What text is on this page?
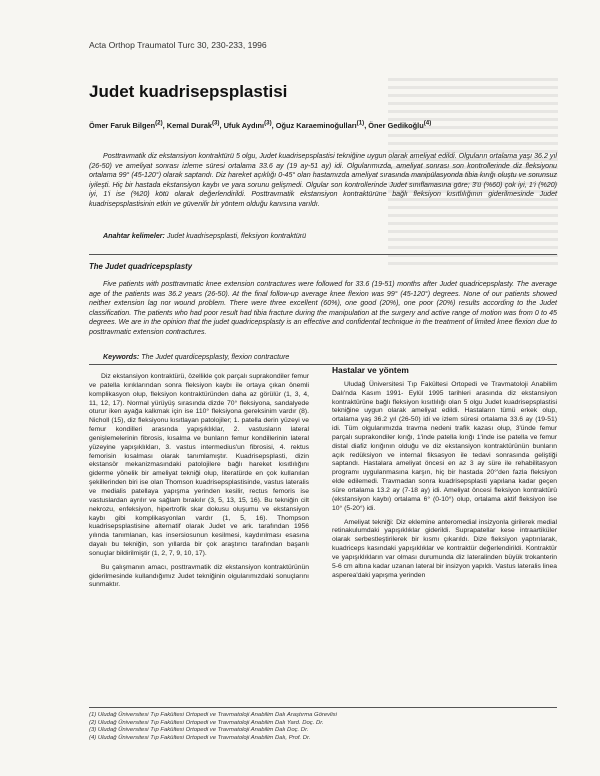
Acta Orthop Traumatol Turc 30, 230-233, 1996
Judet kuadrisepsplastisi
Ömer Faruk Bilgen$^{(2)}$, Kemal Durak$^{(3)}$, Ufuk Aydını$^{(3)}$, Oğuz Karaeminoğulları$^{(1)}$, Öner Gedikoğlu$^{(4)}$

Posttravmatik diz ekstansiyon kontraktürü 5 olgu, Judet kuadrisepsplastisi tekniğine uygun olarak ameliyat edildi. Olguların ortalama yaşı 36.2 yıl (26-50) ve ameliyat sonrası izleme süresi ortalama 33.6 ay (19 ay-51 ay) idi. Olgularımızda, ameliyat sonrası son kontrollerinde diz fleksiyonu ortalama 99° (45-120°) olarak saptandı. Diz hareket açıklığı 0-45° olan hastamızda ameliyat sırasında manipülasyonda tibia kırığı oluştu ve sorunsuz iyileşti. Hiç bir hastada ekstansiyon kaybı ve yara sorunu gelişmedi. Olgular son kontrollerinde Judet sınıflamasına göre; 3'ü (%60) çok iyi, 1'i (%20) iyi, 1'i ise (%20) kötü olarak değerlendirildi. Posttravmatik ekstansiyon kontraktürüne bağlı fleksiyon kısıtlılığının giderilmesinde Judet kuadrisepsplastisinin etkin ve güvenilir bir yöntem olduğu kanısına varıldı.

Anahtar kelimeler: Judet kuadrisepsplasti, fleksiyon kontraktürü

The Judet quadricepsplasty

Five patients with posttravmatic knee extension contractures were followed for 33.6 (19-51) months after Judet quadricepsplasty. The average age of the patients was 36.2 years (26-50). At the final follow-up average knee flexion was 99° (45-120°) degrees. None of our patients showed neither extension lag nor wound problem. There were three excellent (60%), one good (20%), one poor (20%) results according to the Judet classification. The patients who had poor result had tibia fracture during the manipulation at the surgery and active range of motion was from 0 to 45 degrees. We are in the opinion that the judet quadricepsplasty is an effective and confidental technique in the treatment of limited knee flexion due to posttravmatic extension contractures.

Keywords: The Judet quardicepsplasty, flexion contracture

Diz ekstansiyon kontraktürü, özellikle çok parçalı suprakondiler femur ve patella kırıklarından sonra fleksiyon kaybı ile ortaya çıkan önemli komplikasyon olup, fleksiyon kontraktüründen daha az görülür (1, 3, 4, 11, 12, 17). Normal yürüyüş sırasında dizde 70° fleksiyona, sandalyede oturur iken ayağa kalkmak için ise 110° fleksiyona gereksinim vardır (8). Nicholl (15), diz fleksiyonu kısıtlayan patolojiler; 1. patella derin yüzeyi ve femur kondilleri arasında yapışıklıklar, 2. vastusların lateral genişlemelerinin fibrosis, kısalma ve bunların femur kondillerinin lateral yüzeyine yapışıklıkları, 3. vastus intermedius'un fibrosisi, 4. rektus femorisin kısalması olarak tanımlamıştır. Kuadrisepsplasti, dizin ekstansör mekanizmasındaki patolojilere bağlı hareket kısıtlılığını giderme yönelik bir ameliyat tekniği olup, literatürde en çok kullanılan şekillerinden biri ise olan Thomson kuadrisepsplastisinde, vastus lateralis ve medialis patellaya yapışma yerinden kesilir, rectus femoris ise vastuslardan ayrılır ve sağlam bırakılır (3, 5, 13, 15, 16). Bu tekniğin cilt nekrozu, enfeksiyon, hipertrofik skar dokusu oluşumu ve ekstansiyon kaybı gibi komplikasyonları vardır (1, 5, 16). Thompson kuadrisepsplastisine alternatif olarak Judet ve ark. tarafından 1956 yılında tanımlanan, kas insersiosunun kesilmesi, kaydırılması esasına dayalı bu tekniğin, son yıllarda bir çok araştırıcı tarafından başarılı sonuçlar bildirilmiştir (1, 2, 7, 9, 10, 17).

Bu çalışmanın amacı, posttravmatik diz ekstansiyon kontraktürünün giderilmesinde kullandığımız Judet tekniğinin olgularımızdaki sonuçlarını sunmaktır.

Hastalar ve yöntem

Uludağ Üniversitesi Tıp Fakültesi Ortopedi ve Travmatoloji Anabilim Dalı'nda Kasım 1991- Eylül 1995 tarihleri arasında diz ekstansiyon kontraktürüne bağlı fleksiyon kısıtlılığı olan 5 olgu Judet kuadrisepsplastisi tekniğine uygun olarak ameliyat edildi. Hastaların tümü erkek olup, ortalama yaş 36.2 yıl (26-50) idi ve izlem süresi ortalama 33.6 ay (19-51) idi. Tüm olgularımızda travma nedeni trafik kazası olup, 3'ünde femur parçalı suprakondiler kırığı, 1'inde patella kırığı 1'inde ise patella ve femur distal diafiz kırığının olduğu ve diz ekstansiyon kontraktürünün bunların açık redüksiyon ve internal fiksasyon ile tedavi sonrasında geliştiği saptandı. Hastalara ameliyat öncesi en az 3 ay süre ile rehabilitasyon programı uygulanmasına karşın, hiç bir hastada 20°'den fazla fleksiyon elde edilemedi. Travmadan sonra kuadrisepsplasti yapılana kadar geçen süre ortalama 13.2 ay (7-18 ay) idi. Ameliyat öncesi fleksiyon kontraktürü (ekstansiyon kaybı) ortalama 6° (0-10°) olup, ortalama aktif fleksiyon ise 10° (5-20°) idi.

Ameliyat tekniği: Diz eklemine anteromedial insizyonla girilerek medial retinakulumdaki yapışıklıklar giderildi. Suprapatellar kese intraartiküler olarak serbestleştirilerek bir kısmı çıkarıldı. Dize fleksiyon yaptırılarak, kuadriceps kasındaki yapışıklıklar ve kontraktür değerlendirildi. Kontraktür ve yapışıklıkların var olması durumunda diz lateralinden büyük trokanterin 5-6 cm altına kadar uzanan lateral bir insizyon yapıldı. Vastus lateralis linea asperea'daki yapışma yerinden

(1) Uludağ Üniversitesi Tıp Fakültesi Ortopedi ve Travmatoloji Anabilim Dalı Araştırma Görevlisi
(2) Uludağ Üniversitesi Tıp Fakültesi Ortopedi ve Travmatoloji Anabilim Dalı Yard. Doç. Dr.
(3) Uludağ Üniversitesi Tıp Fakültesi Ortopedi ve Travmatoloji Anabilim Dalı Doç. Dr.
(4) Uludağ Üniversitesi Tıp Fakültesi Ortopedi ve Travmatoloji Anabilim Dalı, Prof. Dr.
